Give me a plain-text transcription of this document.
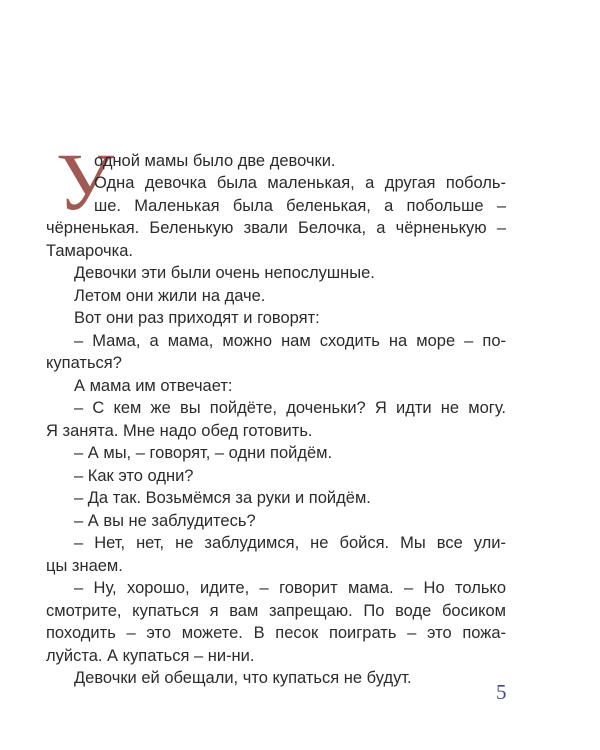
У
одной мамы было две девочки.
Одна девочка была маленькая, а другая поболь-
ше. Маленькая была беленькая, а побольше –
чёрненькая. Беленькую звали Белочка, а чёрненькую –
Тамарочка.
Девочки эти были очень непослушные.
Летом они жили на даче.
Вот они раз приходят и говорят:
– Мама, а мама, можно нам сходить на море – по-
купаться?
А мама им отвечает:
– С кем же вы пойдёте, доченьки? Я идти не могу.
Я занята. Мне надо обед готовить.
– А мы, – говорят, – одни пойдём.
– Как это одни?
– Да так. Возьмёмся за руки и пойдём.
– А вы не заблудитесь?
– Нет, нет, не заблудимся, не бойся. Мы все ули-
цы знаем.
– Ну, хорошо, идите, – говорит мама. – Но только
смотрите, купаться я вам запрещаю. По воде босиком
походить – это можете. В песок поиграть – это пожа-
луйста. А купаться – ни-ни.
Девочки ей обещали, что купаться не будут.
5
